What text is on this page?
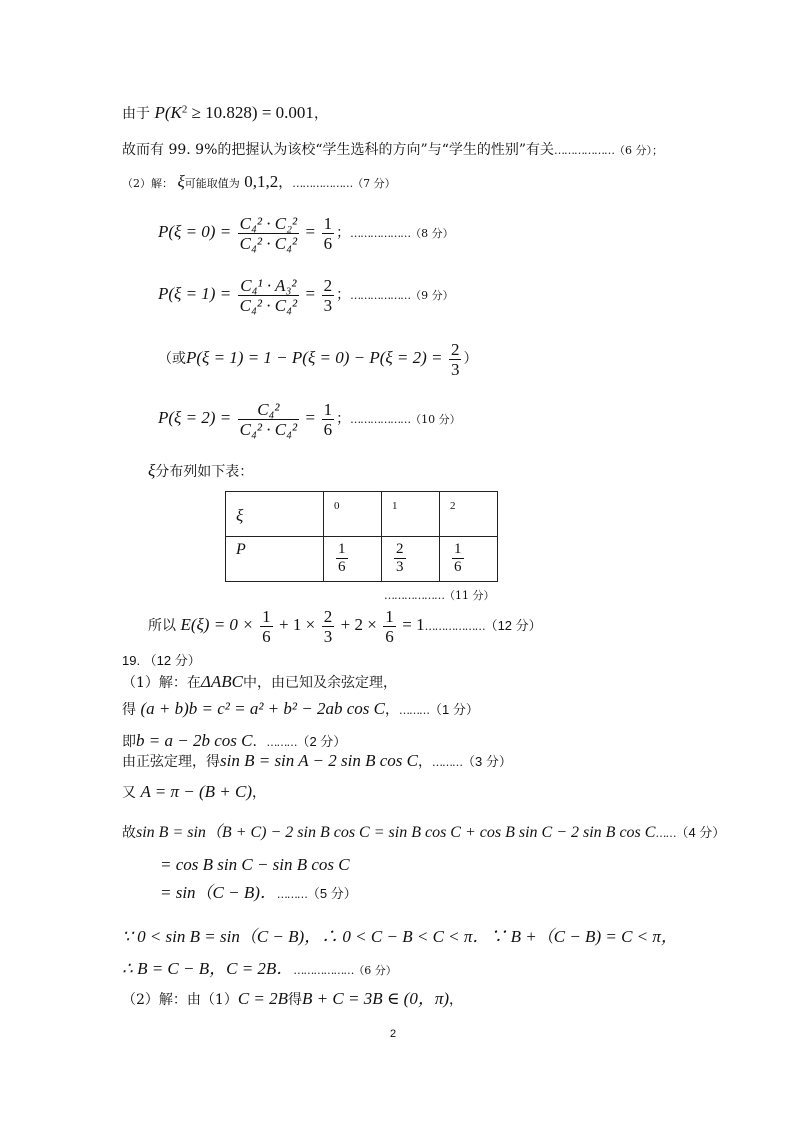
由于 $P(K^2 \ge 10.828) = 0.001$，
故而有 99. 9%的把握认为该校“学生选科的方向”与“学生的性别”有关………………（6 分）；
（2）解： ξ可能取值为 0,1,2，………………（7 分）
$P(\xi = 0) = \frac{\text{C₄² · C₂²}}{\text{C₄² · C₄²}} = \frac{1}{6}$ ；………………（8 分）
$P(\xi = 1) = \frac{\text{C₄¹ · A₃²}}{\text{C₄² · C₄²}} = \frac{2}{3}$ ；………………（9 分）
（或$P(\xi = 1) = 1 - P(\xi = 0) - P(\xi = 2) = \frac{2}{3}$ ）
$P(\xi = 2) = \frac{\text{C₄²}}{\text{C₄² · C₄²}} = \frac{1}{6}$ ；………………（10 分）
ξ分布列如下表：
ξ	0	1	2
P	$\frac{1}{6}$	$\frac{2}{3}$	$\frac{1}{6}$
………………（11 分）
所以 $E(\xi) = 0 \times \frac{1}{6} + 1 \times \frac{2}{3} + 2 \times \frac{1}{6}$ = 1………………（12 分）
19. （12 分）
（1）解：在ΔABC中，由已知及余弦定理，
得 (a + b)b = c² = a² + b² − 2ab cos C，………（1 分）
即b = a − 2b cos C．………（2 分）
由正弦定理，得sin B = sin A − 2 sin B cos C，………（3 分）
又 A = π − (B + C)，
故sin B = sin（B + C) − 2 sin B cos C = sin B cos C + cos B sin C − 2 sin B cos C……（4 分）
= cos B sin C − sin B cos C
= sin（C − B)．………（5 分）
∵ 0 < sin B = sin（C − B)，∴ 0 < C − B < C < π．∵ B +（C − B) = C < π，
∴ B = C − B，C = 2B．………………（6 分）
（2）解：由（1）C = 2B得B + C = 3B ∈ (0，π)，
2
